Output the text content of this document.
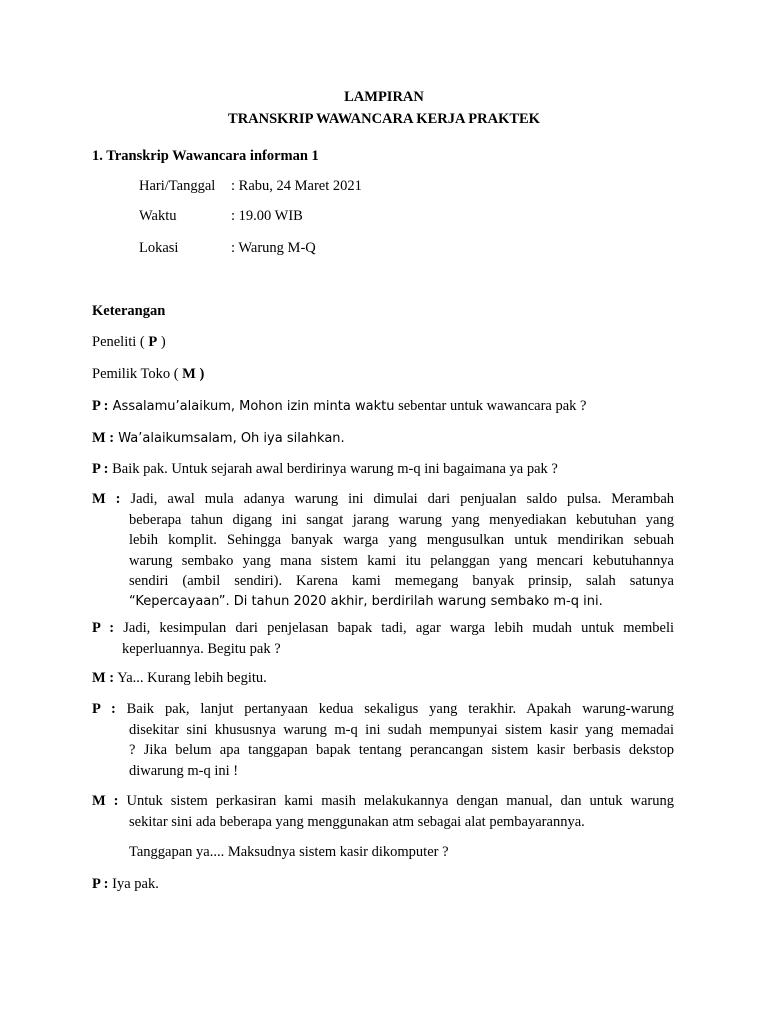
LAMPIRAN
TRANSKRIP WAWANCARA KERJA PRAKTEK
1. Transkrip Wawancara informan 1
Hari/Tanggal : Rabu, 24 Maret 2021
Waktu	: 19.00 WIB
Lokasi	: Warung M-Q
Keterangan
Peneliti ( P )
Pemilik Toko ( M )
P : Assalamu’alaikum, Mohon izin minta waktu sebentar untuk wawancara pak ?
M : Wa’alaikumsalam, Oh iya silahkan.
P : Baik pak. Untuk sejarah awal berdirinya warung m-q ini bagaimana ya pak ?
M : Jadi, awal mula adanya warung ini dimulai dari penjualan saldo pulsa. Merambah
beberapa tahun digang ini sangat jarang warung yang menyediakan kebutuhan yang
lebih komplit. Sehingga banyak warga yang mengusulkan untuk mendirikan sebuah
warung sembako yang mana sistem kami itu pelanggan yang mencari kebutuhannya
sendiri (ambil sendiri). Karena kami memegang banyak prinsip, salah satunya
“Kepercayaan”. Di tahun 2020 akhir, berdirilah warung sembako m-q ini.
P : Jadi, kesimpulan dari penjelasan bapak tadi, agar warga lebih mudah untuk membeli
keperluannya. Begitu pak ?
M : Ya... Kurang lebih begitu.
P : Baik pak, lanjut pertanyaan kedua sekaligus yang terakhir. Apakah warung-warung
disekitar sini khususnya warung m-q ini sudah mempunyai sistem kasir yang memadai
? Jika belum apa tanggapan bapak tentang perancangan sistem kasir berbasis dekstop
diwarung m-q ini !
M : Untuk sistem perkasiran kami masih melakukannya dengan manual, dan untuk warung
sekitar sini ada beberapa yang menggunakan atm sebagai alat pembayarannya.
Tanggapan ya.... Maksudnya sistem kasir dikomputer ?
P : Iya pak.
